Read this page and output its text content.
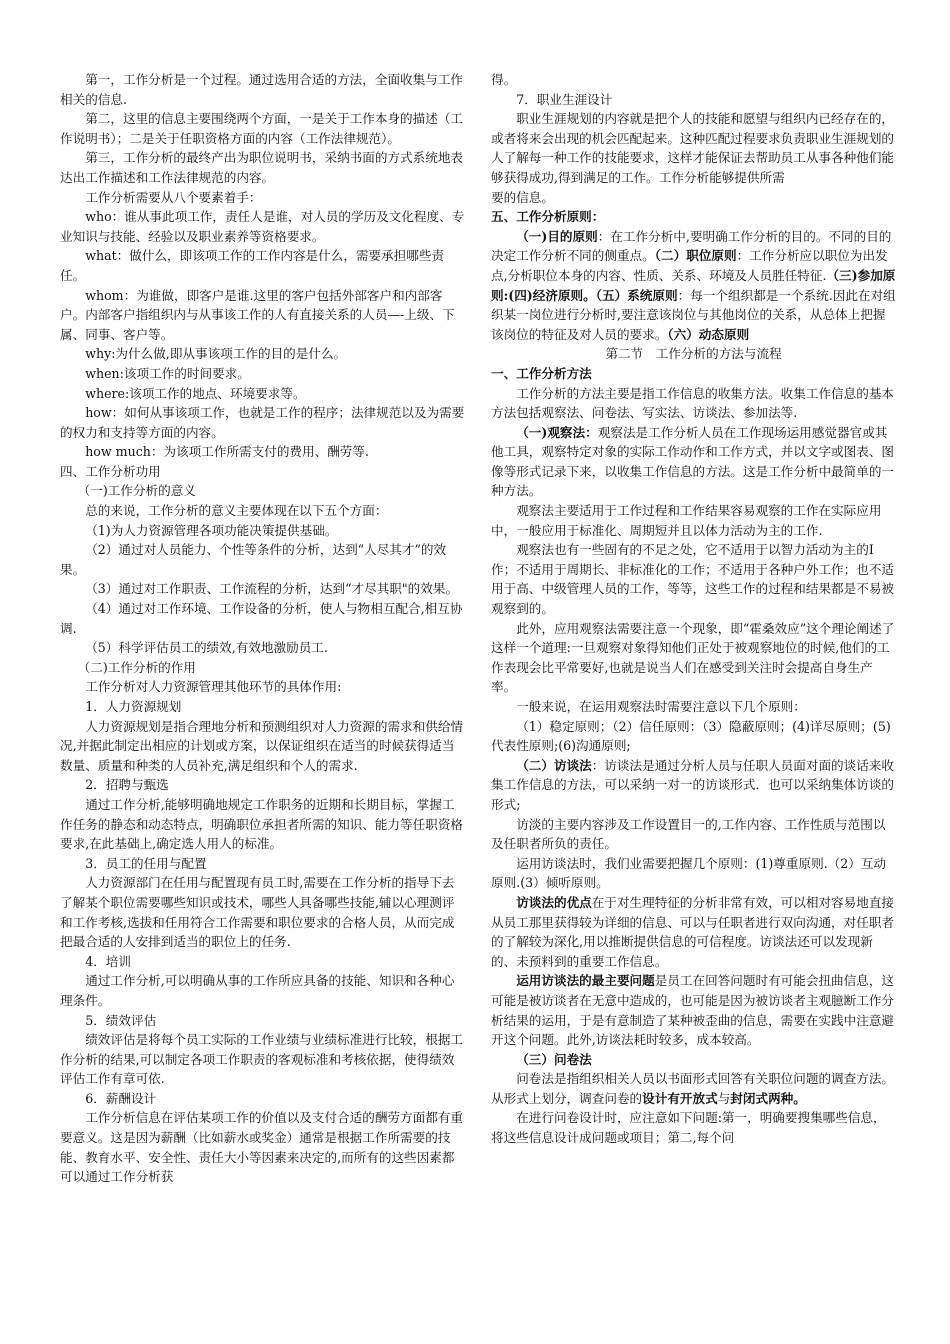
第一，工作分析是一个过程。通过选用合适的方法，全面收集与工作相关的信息.

第二，这里的信息主要围绕两个方面，一是关于工作本身的描述（工作说明书）；二是关于任职资格方面的内容（工作法律规范）。

第三，工作分析的最终产出为职位说明书，采纳书面的方式系统地表达出工作描述和工作法律规范的内容。

工作分析需要从八个要素着手：

who：谁从事此项工作，责任人是谁，对人员的学历及文化程度、专业知识与技能、经验以及职业素养等资格要求。

what：做什么，即该项工作的工作内容是什么，需要承担哪些责任。

whom：为谁做，即客户是谁.这里的客户包括外部客户和内部客户。内部客户指组织内与从事该工作的人有直接关系的人员—-上级、下属、同事、客户等。

why:为什么做,即从事该项工作的目的是什么。

when:该项工作的时间要求。

where:该项工作的地点、环境要求等。

how：如何从事该项工作，也就是工作的程序；法律规范以及为需要的权力和支持等方面的内容。

how much：为该项工作所需支付的费用、酬劳等.

四、工作分析功用

（一)工作分析的意义

总的来说，工作分析的意义主要体现在以下五个方面：

（1)为人力资源管理各项功能决策提供基础。

（2）通过对人员能力、个性等条件的分析，达到“人尽其才”的效果。

（3）通过对工作职责、工作流程的分析，达到“才尽其职"的效果。

（4）通过对工作环境、工作设备的分析，使人与物相互配合,相互协调.

（5）科学评估员工的绩效,有效地激励员工.

（二)工作分析的作用

工作分析对人力资源管理其他环节的具体作用:

1．人力资源规划

人力资源规划是指合理地分析和预测组织对人力资源的需求和供给情况,并据此制定出相应的计划或方案，以保证组织在适当的时候获得适当数量、质量和种类的人员补充,满足组织和个人的需求.

2．招聘与甄选

通过工作分析,能够明确地规定工作职务的近期和长期目标，掌握工作任务的静态和动态特点，明确职位承担者所需的知识、能力等任职资格要求,在此基础上,确定选人用人的标准。

3．员工的任用与配置

人力资源部门在任用与配置现有员工时,需要在工作分析的指导下去了解某个职位需要哪些知识或技术，哪些人具备哪些技能,辅以心理测评和工作考核,选拔和任用符合工作需要和职位要求的合格人员，从而完成把最合适的人安排到适当的职位上的任务.

4．培训

通过工作分析,可以明确从事的工作所应具备的技能、知识和各种心理条件。

5．绩效评估

绩效评估是将每个员工实际的工作业绩与业绩标准进行比较，根据工作分析的结果,可以制定各项工作职责的客观标准和考核依据，使得绩效评估工作有章可依.

6．薪酬设计

工作分析信息在评估某项工作的价值以及支付合适的酬劳方面都有重要意义。这是因为薪酬（比如薪水或奖金）通常是根据工作所需要的技能、教育水平、安全性、责任大小等因素来决定的,而所有的这些因素都可以通过工作分析获

得。

7．职业生涯设计

职业生涯规划的内容就是把个人的技能和愿望与组织内已经存在的，或者将来会出现的机会匹配起来。这种匹配过程要求负责职业生涯规划的人了解每一种工作的技能要求，这样才能保证去帮助员工从事各种他们能够获得成功,得到满足的工作。工作分析能够提供所需

要的信息。

五、工作分析原则：

（一)目的原则：在工作分析中,要明确工作分析的目的。不同的目的决定工作分析不同的侧重点。（二）职位原则：工作分析应以职位为出发点,分析职位本身的内容、性质、关系、环境及人员胜任特征.（三)参加原则:(四)经济原则。（五）系统原则：每一个组织都是一个系统.因此在对组织某一岗位进行分析时,要注意该岗位与其他岗位的关系，从总体上把握该岗位的特征及对人员的要求。（六）动态原则

第二节　工作分析的方法与流程

一、工作分析方法

工作分析的方法主要是指工作信息的收集方法。收集工作信息的基本方法包括观察法、问卷法、写实法、访谈法、参加法等.

（一)观察法：观察法是工作分析人员在工作现场运用感觉器官或其他工具，观察特定对象的实际工作动作和工作方式，并以文字或图表、图像等形式记录下来，以收集工作信息的方法。这是工作分析中最简单的一种方法。

观察法主要适用于工作过程和工作结果容易观察的工作在实际应用中，一般应用于标准化、周期短并且以体力活动为主的工作.

观察法也有一些固有的不足之处，它不适用于以智力活动为主的I作；不适用于周期长、非标准化的工作；不适用于各种户外工作；也不适用于高、中级管理人员的工作，等等，这些工作的过程和结果都是不易被观察到的。

此外，应用观察法需要注意一个现象，即“霍桑效应”这个理论阐述了这样一个道理:一旦观察对象得知他们正处于被观察地位的时候,他们的工作表现会比平常要好,也就是说当人们在感受到关注时会提高自身生产率。

一般来说，在运用观察法时需要注意以下几个原则：

（1）稳定原则；（2）信任原则：（3）隐蔽原则；(4)详尽原则；(5)代表性原则;(6)沟通原则;

（二）访谈法：访谈法是通过分析人员与任职人员面对面的谈话来收集工作信息的方法，可以采纳一对一的访谈形式．也可以采纳集体访谈的形式;

访淡的主要内容涉及工作设置目一的,工作内容、工作性质与范围以及任职者所负的责任。

运用访谈法时，我们业需要把握几个原则：(1)尊重原则.（2）互动原则.(3）倾听原则。

访谈法的优点在于对生理特征的分析非常有效，可以相对容易地直接从员工那里获得较为详细的信息、可以与任职者进行双向沟通，对任职者的了解较为深化,用以推断提供信息的可信程度。访谈法还可以发现新的、未预料到的重要工作信息。

运用访谈法的最主要问题是员工在回答问题时有可能会扭曲信息，这可能是被访谈者在无意中造成的，也可能是因为被访谈者主观臆断工作分析结果的运用，于是有意制造了某种被歪曲的信息，需要在实践中注意避开这个问题。此外,访谈法耗时较多，成本较高。

（三）问卷法

问卷法是指组织相关人员以书面形式回答有关职位问题的调查方法。从形式上划分，调查问卷的设计有开放式与封闭式两种。

在进行问卷设计时，应注意如下问题:第一，明确要搜集哪些信息，将这些信息设计成问题或项目；第二,每个问
